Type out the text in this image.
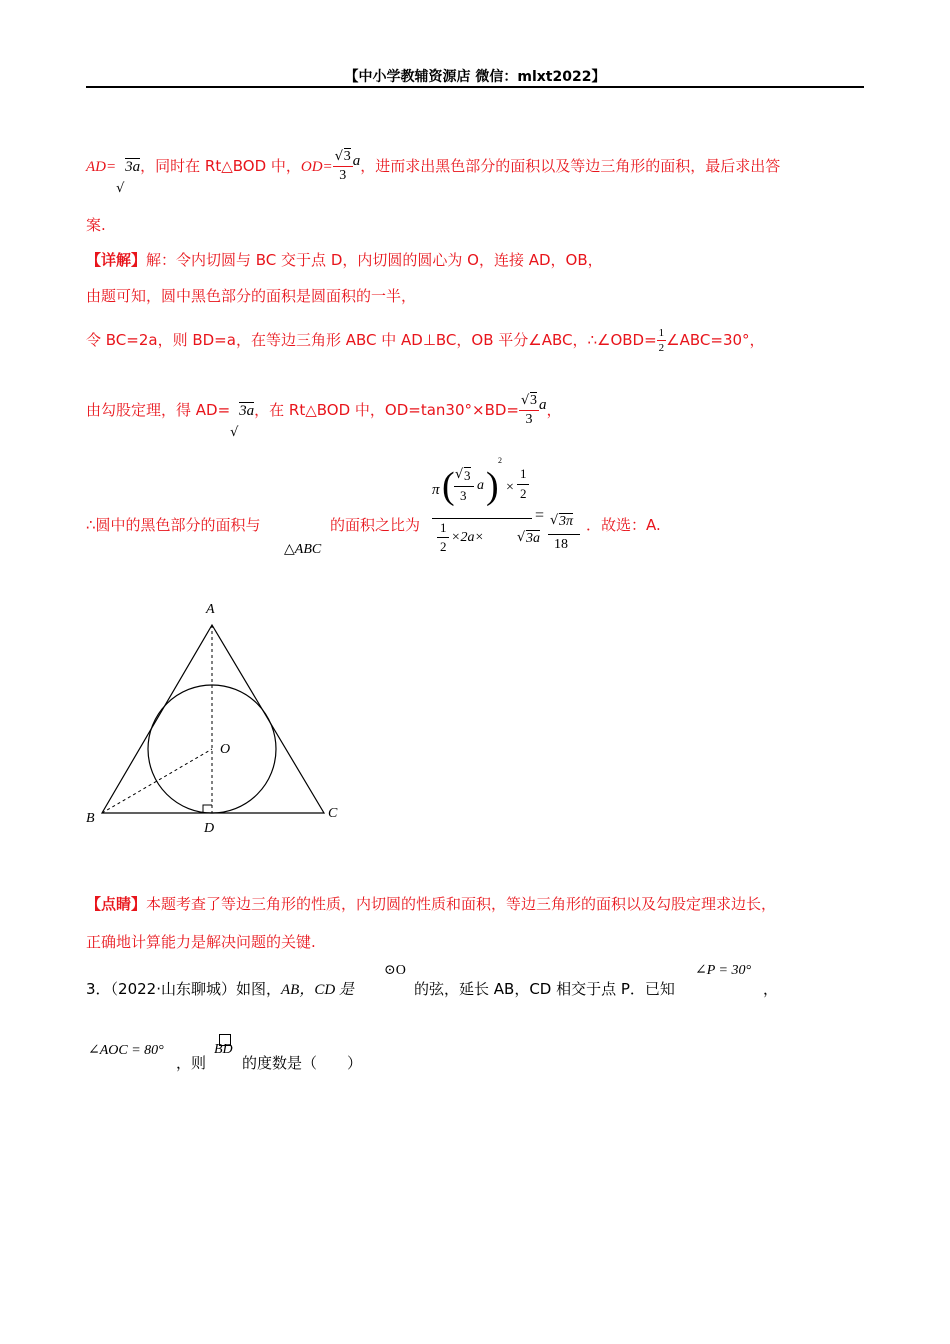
【中小学教辅资源店 微信：mlxt2022】
AD= √ 3a，同时在 Rt△BOD 中，OD= √ $\frac{3}{3}$ a，进而求出黑色部分的面积以及等边三角形的面积，最后求出答
案.
【详解】解：令内切圆与 BC 交于点 D，内切圆的圆心为 O，连接 AD，OB，
由题可知，圆中黑色部分的面积是圆面积的一半，
令 BC=2a，则 BD=a，在等边三角形 ABC 中 AD⊥BC，OB 平分∠ABC，∴∠OBD= $\frac{1}{2}$ ∠ABC=30°，
由勾股定理，得 AD= √ 3a，在 Rt△BOD 中，OD=tan30°×BD= √ $\frac{3}{3}$ a，
∴圆中的黑色部分的面积与
△ABC
的面积之比为
π ( √ 3
3
a )
2
×
1
2
1
2
×2a×	√ 3a
=	√ 3π
18
．故选：A.
A
B	C
D
O
【点睛】本题考查了等边三角形的性质，内切圆的性质和面积，等边三角形的面积以及勾股定理求边长，
正确地计算能力是解决问题的关键.
3．（2022·山东聊城）如图，AB，CD 是
⊙O
的弦，延长 AB，CD 相交于点 P．已知
∠P = 30°
，
∠AOC = 80°
，则
BD
的度数是（　　）
